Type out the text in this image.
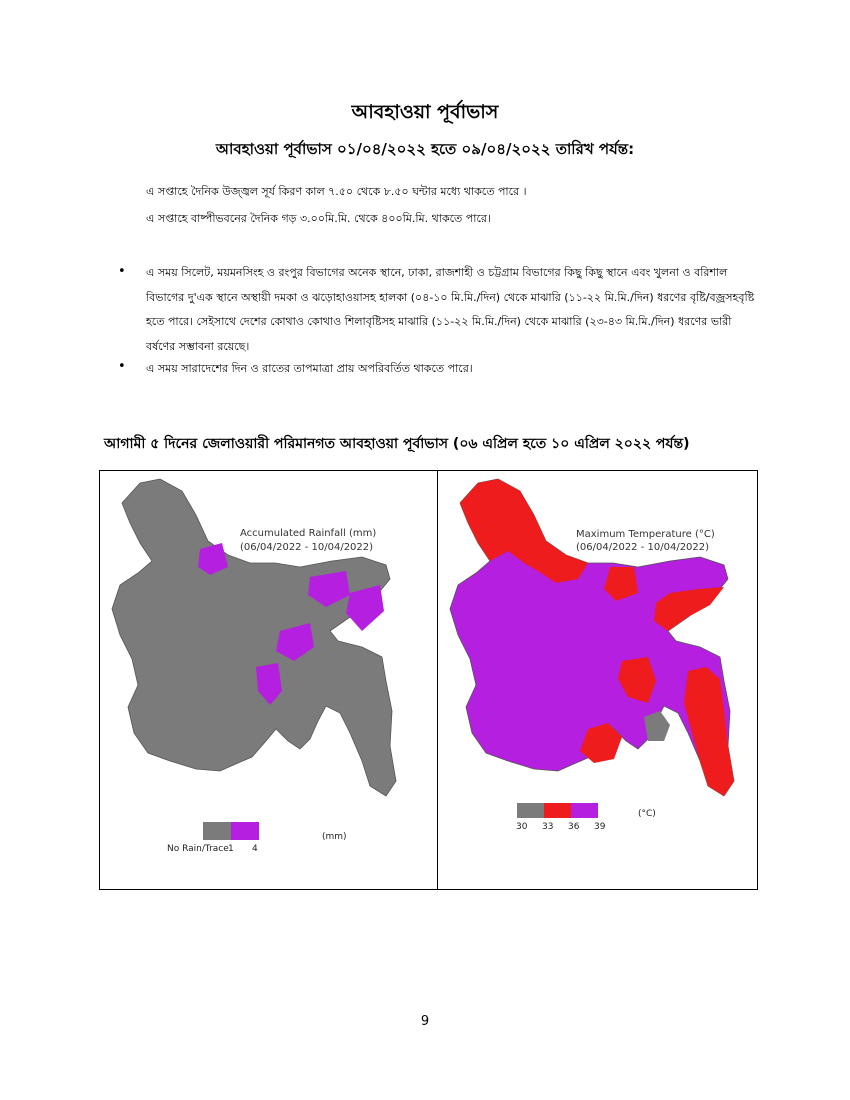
আবহাওয়া পূর্বাভাস
আবহাওয়া পূর্বাভাস ০১/০৪/২০২২ হতে ০৯/০৪/২০২২ তারিখ পর্যন্ত:
এ সপ্তাহে দৈনিক উজ্জ্বল সূর্য কিরণ কাল ৭.৫০ থেকে ৮.৫০ ঘন্টার মধ্যে থাকতে পারে ।
এ সপ্তাহে বাষ্পীভবনের দৈনিক গড় ৩.০০মি.মি. থেকে ৪০০মি.মি. থাকতে পারে।
• এ সময় সিলেট, ময়মনসিংহ ও রংপুর বিভাগের অনেক স্থানে, ঢাকা, রাজশাহী ও চট্টগ্রাম বিভাগের কিছু কিছু স্থানে এবং খুলনা ও বরিশাল বিভাগের দু'এক স্থানে অস্থায়ী দমকা ও ঝড়োহাওয়াসহ হালকা (০৪-১০ মি.মি./দিন) থেকে মাঝারি (১১-২২ মি.মি./দিন) ধরণের বৃষ্টি/বজ্রসহবৃষ্টি হতে পারে। সেইসাথে দেশের কোথাও কোথাও শিলাবৃষ্টিসহ মাঝারি (১১-২২ মি.মি./দিন) থেকে মাঝারি (২৩-৪৩ মি.মি./দিন) ধরণের ভারী বর্ষণের সম্ভাবনা রয়েছে।
• এ সময় সারাদেশের দিন ও রাতের তাপমাত্রা প্রায় অপরিবর্তিত থাকতে পারে।
আগামী ৫ দিনের জেলাওয়ারী পরিমানগত আবহাওয়া পূর্বাভাস (০৬ এপ্রিল হতে ১০ এপ্রিল ২০২২ পর্যন্ত)
Accumulated Rainfall (mm)
(06/04/2022 - 10/04/2022)
No Rain/Trace 1 4
(mm)
Maximum Temperature (°C)
(06/04/2022 - 10/04/2022)
30 33 36 39
(°C)
9
